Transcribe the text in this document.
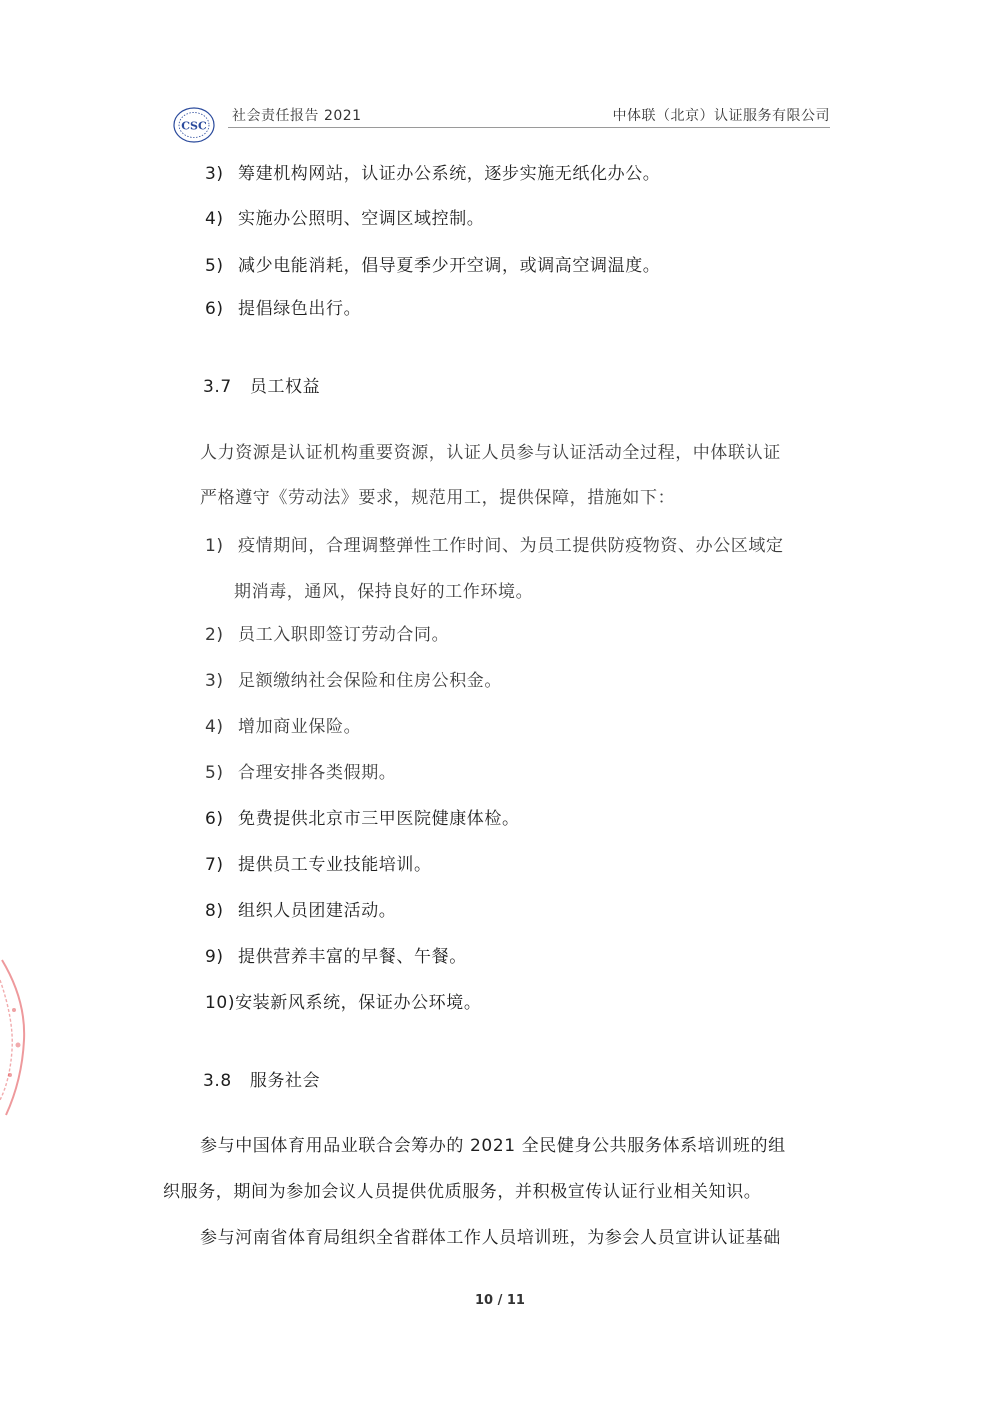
CSC
社会责任报告 2021	中体联（北京）认证服务有限公司
3) 筹建机构网站，认证办公系统，逐步实施无纸化办公。
4) 实施办公照明、空调区域控制。
5) 减少电能消耗，倡导夏季少开空调，或调高空调温度。
6) 提倡绿色出行。
3.7 员工权益
人力资源是认证机构重要资源，认证人员参与认证活动全过程，中体联认证
严格遵守《劳动法》要求，规范用工，提供保障，措施如下：
1) 疫情期间，合理调整弹性工作时间、为员工提供防疫物资、办公区域定
期消毒，通风，保持良好的工作环境。
2) 员工入职即签订劳动合同。
3) 足额缴纳社会保险和住房公积金。
4) 增加商业保险。
5) 合理安排各类假期。
6) 免费提供北京市三甲医院健康体检。
7) 提供员工专业技能培训。
8) 组织人员团建活动。
9) 提供营养丰富的早餐、午餐。
10)安装新风系统，保证办公环境。
3.8 服务社会
参与中国体育用品业联合会筹办的 2021 全民健身公共服务体系培训班的组
织服务，期间为参加会议人员提供优质服务，并积极宣传认证行业相关知识。
参与河南省体育局组织全省群体工作人员培训班，为参会人员宣讲认证基础
10 / 11
